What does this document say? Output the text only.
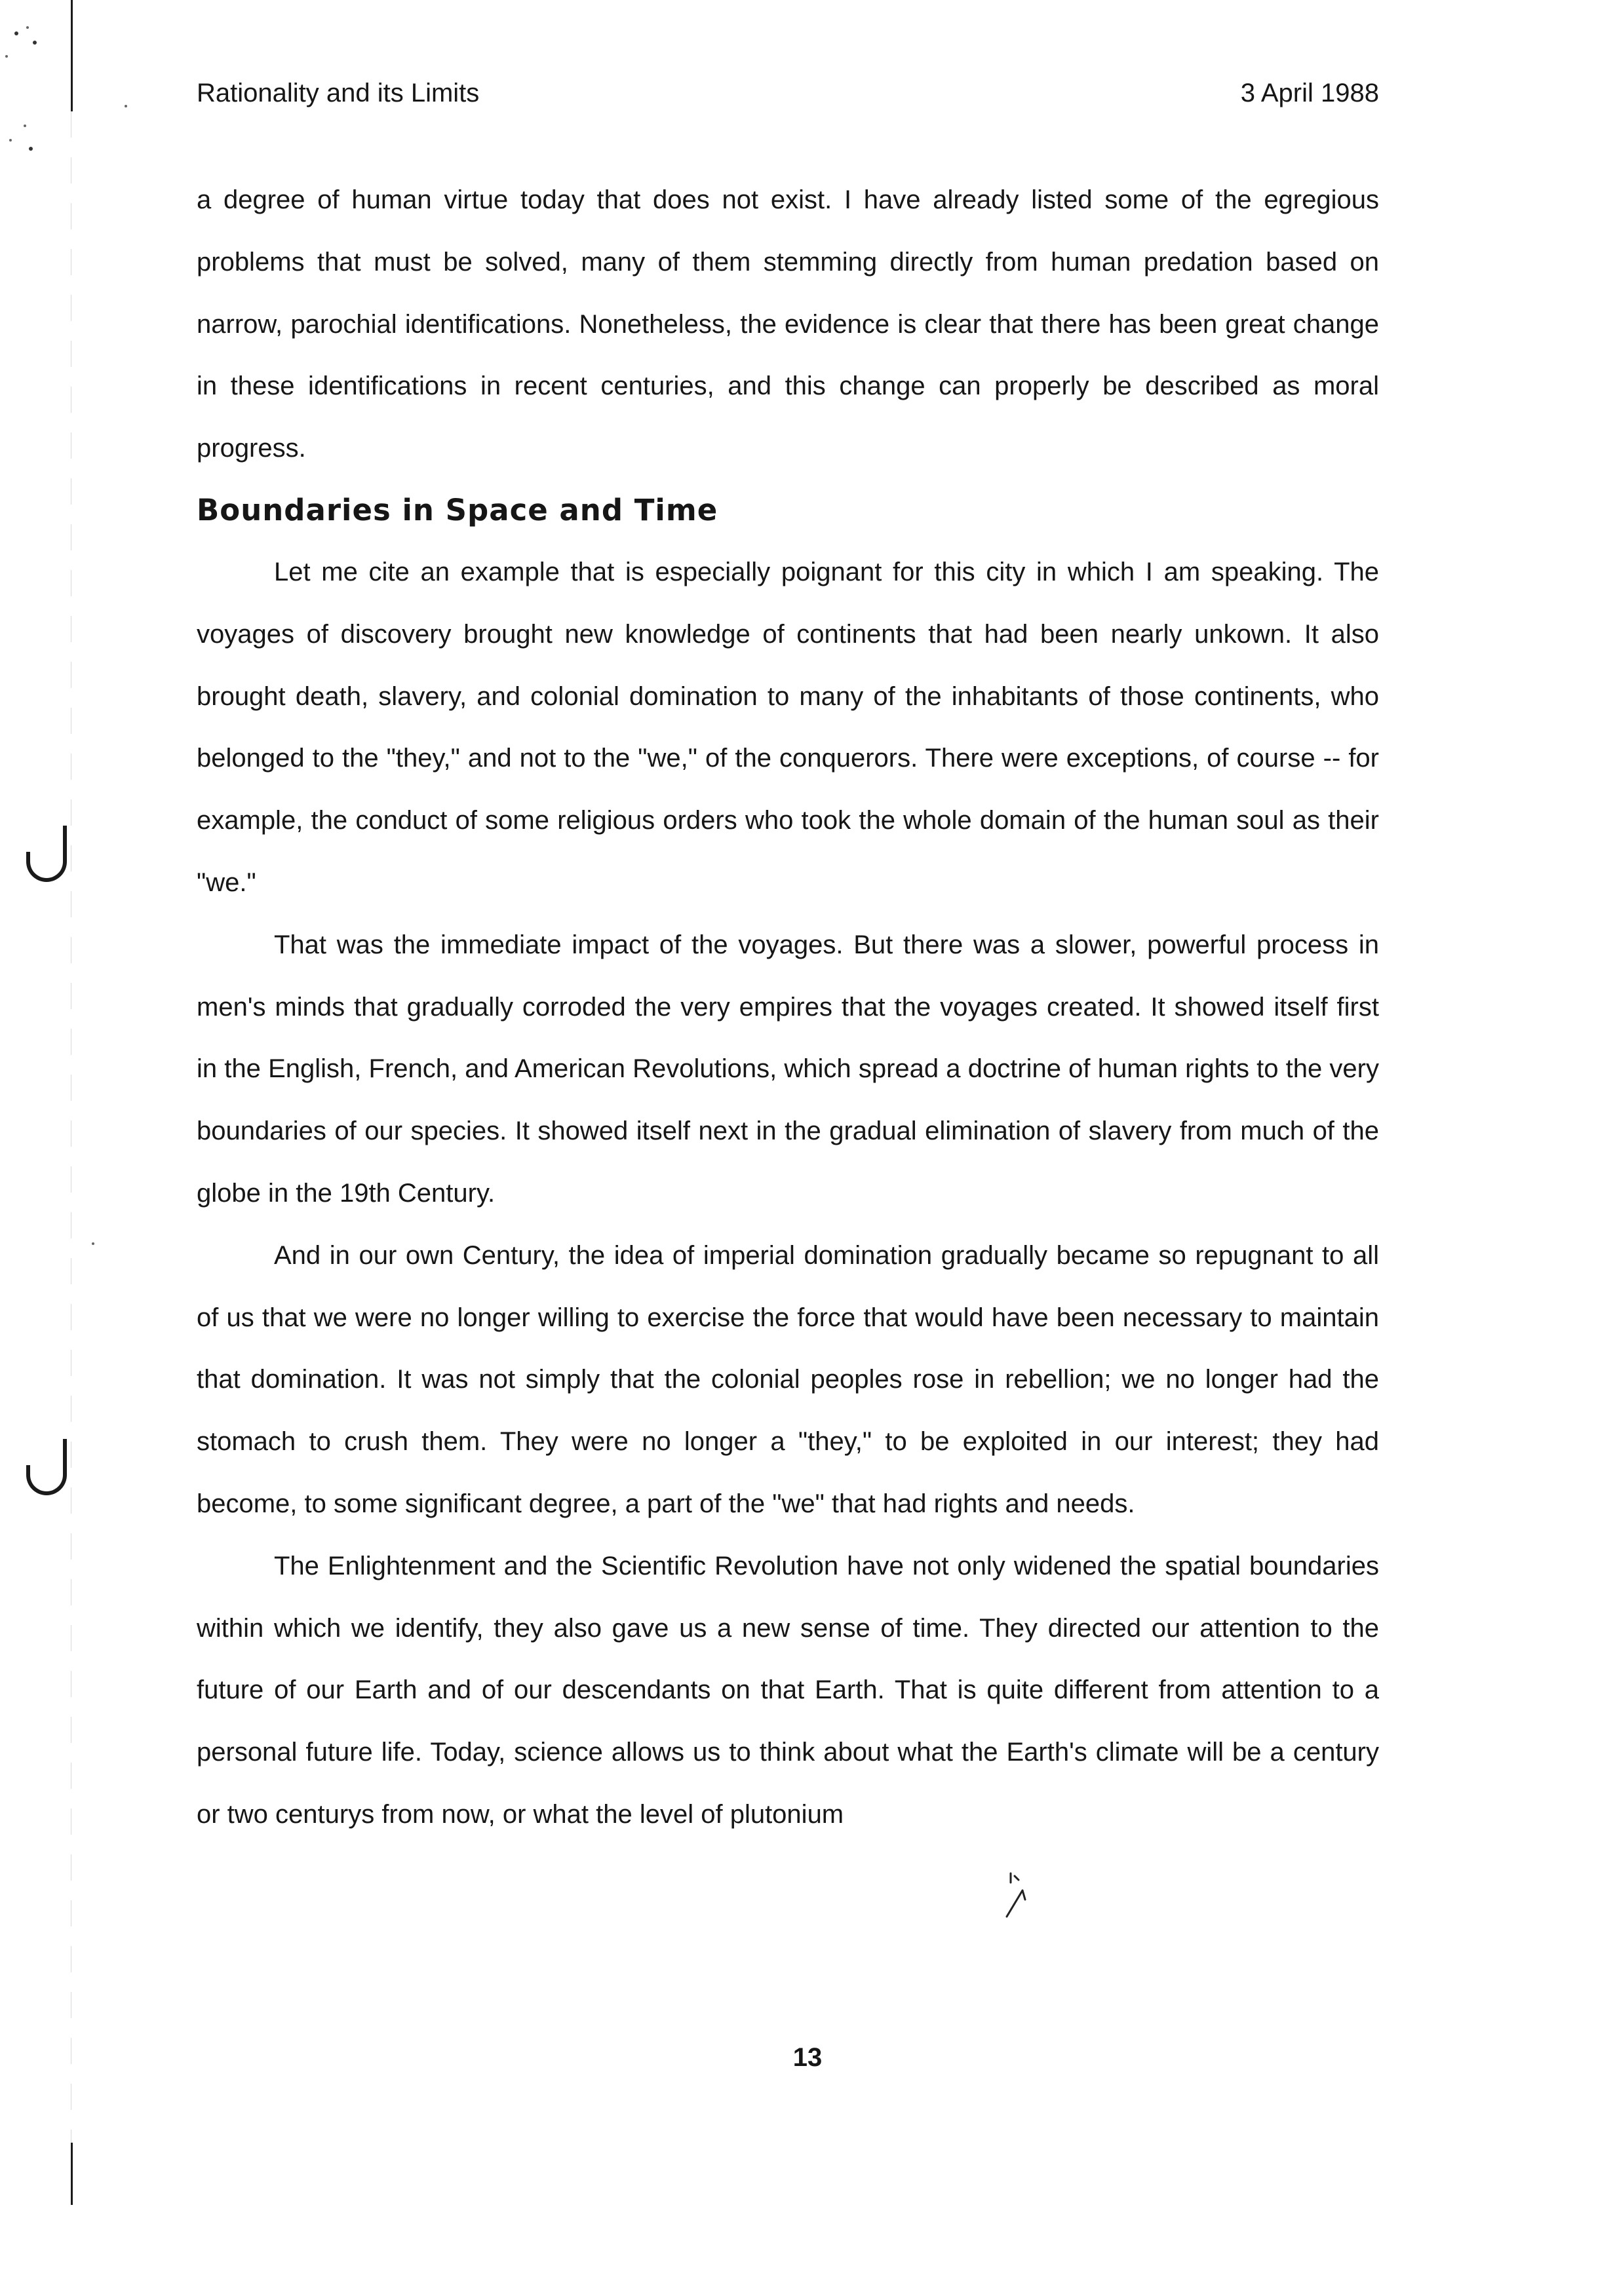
Rationality and its Limits	3 April 1988

a degree of human virtue today that does not exist. I have already listed some of the egregious problems that must be solved, many of them stemming directly from human predation based on narrow, parochial identifications. Nonetheless, the evidence is clear that there has been great change in these identifications in recent centuries, and this change can properly be described as moral progress.

Boundaries in Space and Time

Let me cite an example that is especially poignant for this city in which I am speaking. The voyages of discovery brought new knowledge of continents that had been nearly unkown. It also brought death, slavery, and colonial domination to many of the inhabitants of those continents, who belonged to the "they," and not to the "we," of the conquerors. There were exceptions, of course -- for example, the conduct of some religious orders who took the whole domain of the human soul as their "we."

That was the immediate impact of the voyages. But there was a slower, powerful process in men's minds that gradually corroded the very empires that the voyages created. It showed itself first in the English, French, and American Revolutions, which spread a doctrine of human rights to the very boundaries of our species. It showed itself next in the gradual elimination of slavery from much of the globe in the 19th Century.

And in our own Century, the idea of imperial domination gradually became so repugnant to all of us that we were no longer willing to exercise the force that would have been necessary to maintain that domination. It was not simply that the colonial peoples rose in rebellion; we no longer had the stomach to crush them. They were no longer a "they," to be exploited in our interest; they had become, to some significant degree, a part of the "we" that had rights and needs.

The Enlightenment and the Scientific Revolution have not only widened the spatial boundaries within which we identify, they also gave us a new sense of time. They directed our attention to the future of our Earth and of our descendants on that Earth. That is quite different from attention to a personal future life. Today, science allows us to think about what the Earth's climate will be a century or two centurys from now, or what the level of plutonium

13
